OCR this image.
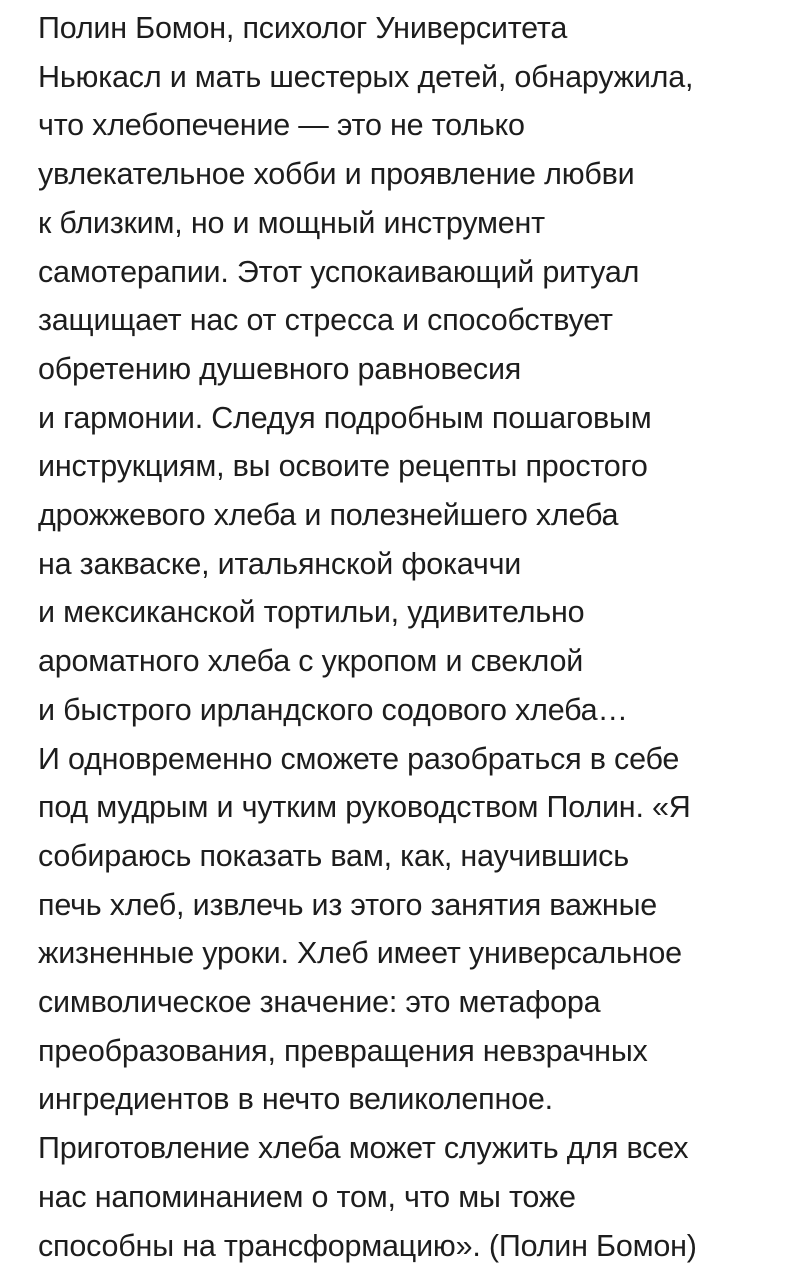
Полин Бомон, психолог Университета
Ньюкасл и мать шестерых детей, обнаружила,
что хлебопечение — это не только
увлекательное хобби и проявление любви
к близким, но и мощный инструмент
самотерапии. Этот успокаивающий ритуал
защищает нас от стресса и способствует
обретению душевного равновесия
и гармонии. Следуя подробным пошаговым
инструкциям, вы освоите рецепты простого
дрожжевого хлеба и полезнейшего хлеба
на закваске, итальянской фокаччи
и мексиканской тортильи, удивительно
ароматного хлеба с укропом и свеклой
и быстрого ирландского содового хлеба…
И одновременно сможете разобраться в себе
под мудрым и чутким руководством Полин. «Я
собираюсь показать вам, как, научившись
печь хлеб, извлечь из этого занятия важные
жизненные уроки. Хлеб имеет универсальное
символическое значение: это метафора
преобразования, превращения невзрачных
ингредиентов в нечто великолепное.
Приготовление хлеба может служить для всех
нас напоминанием о том, что мы тоже
способны на трансформацию». (Полин Бомон)
